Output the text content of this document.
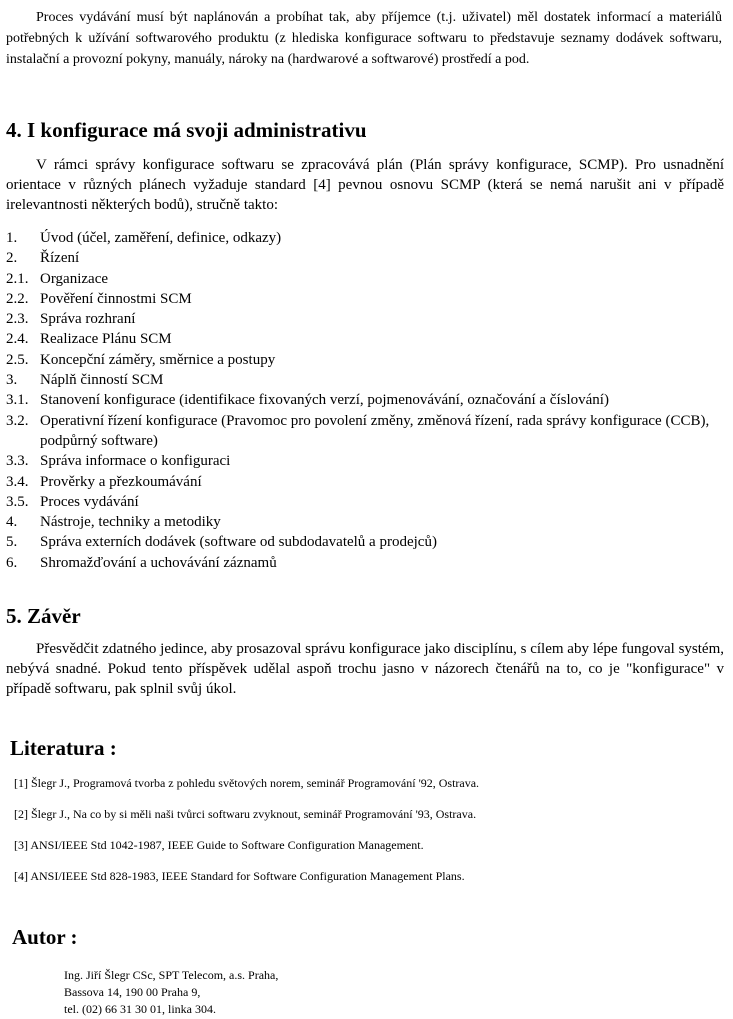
Proces vydávání musí být naplánován a probíhat tak, aby příjemce (t.j. uživatel) měl dostatek informací a materiálů potřebných k užívání softwarového produktu (z hlediska konfigurace softwaru to představuje seznamy dodávek softwaru, instalační a provozní pokyny, manuály, nároky na (hardwarové a softwarové) prostředí a pod.

4. I konfigurace má svoji administrativu

V rámci správy konfigurace softwaru se zpracovává plán (Plán správy konfigurace, SCMP). Pro usnadnění orientace v různých plánech vyžaduje standard [4] pevnou osnovu SCMP (která se nemá narušit ani v případě irelevantnosti některých bodů), stručně takto:

1. Úvod (účel, zaměření, definice, odkazy)
2. Řízení
2.1. Organizace
2.2. Pověření činnostmi SCM
2.3. Správa rozhraní
2.4. Realizace Plánu SCM
2.5. Koncepční záměry, směrnice a postupy
3. Náplň činností SCM
3.1. Stanovení konfigurace (identifikace fixovaných verzí, pojmenovávání, označování a číslování)
3.2. Operativní řízení konfigurace (Pravomoc pro povolení změny, změnová řízení, rada správy konfigurace (CCB), podpůrný software)
3.3. Správa informace o konfiguraci
3.4. Prověrky a přezkoumávání
3.5. Proces vydávání
4. Nástroje, techniky a metodiky
5. Správa externích dodávek (software od subdodavatelů a prodejců)
6. Shromažďování a uchovávání záznamů
5. Závěr

Přesvědčit zdatného jedince, aby prosazoval správu konfigurace jako disciplínu, s cílem aby lépe fungoval systém, nebývá snadné. Pokud tento příspěvek udělal aspoň trochu jasno v názorech čtenářů na to, co je "konfigurace" v případě softwaru, pak splnil svůj úkol.

Literatura :
[1] Šlegr J., Programová tvorba z pohledu světových norem, seminář Programování '92, Ostrava.
[2] Šlegr J., Na co by si měli naši tvůrci softwaru zvyknout, seminář Programování '93, Ostrava.
[3] ANSI/IEEE Std 1042-1987, IEEE Guide to Software Configuration Management.
[4] ANSI/IEEE Std 828-1983, IEEE Standard for Software Configuration Management Plans.
Autor :
Ing. Jiří Šlegr CSc, SPT Telecom, a.s. Praha,
Bassova 14, 190 00 Praha 9,
tel. (02) 66 31 30 01, linka 304.
